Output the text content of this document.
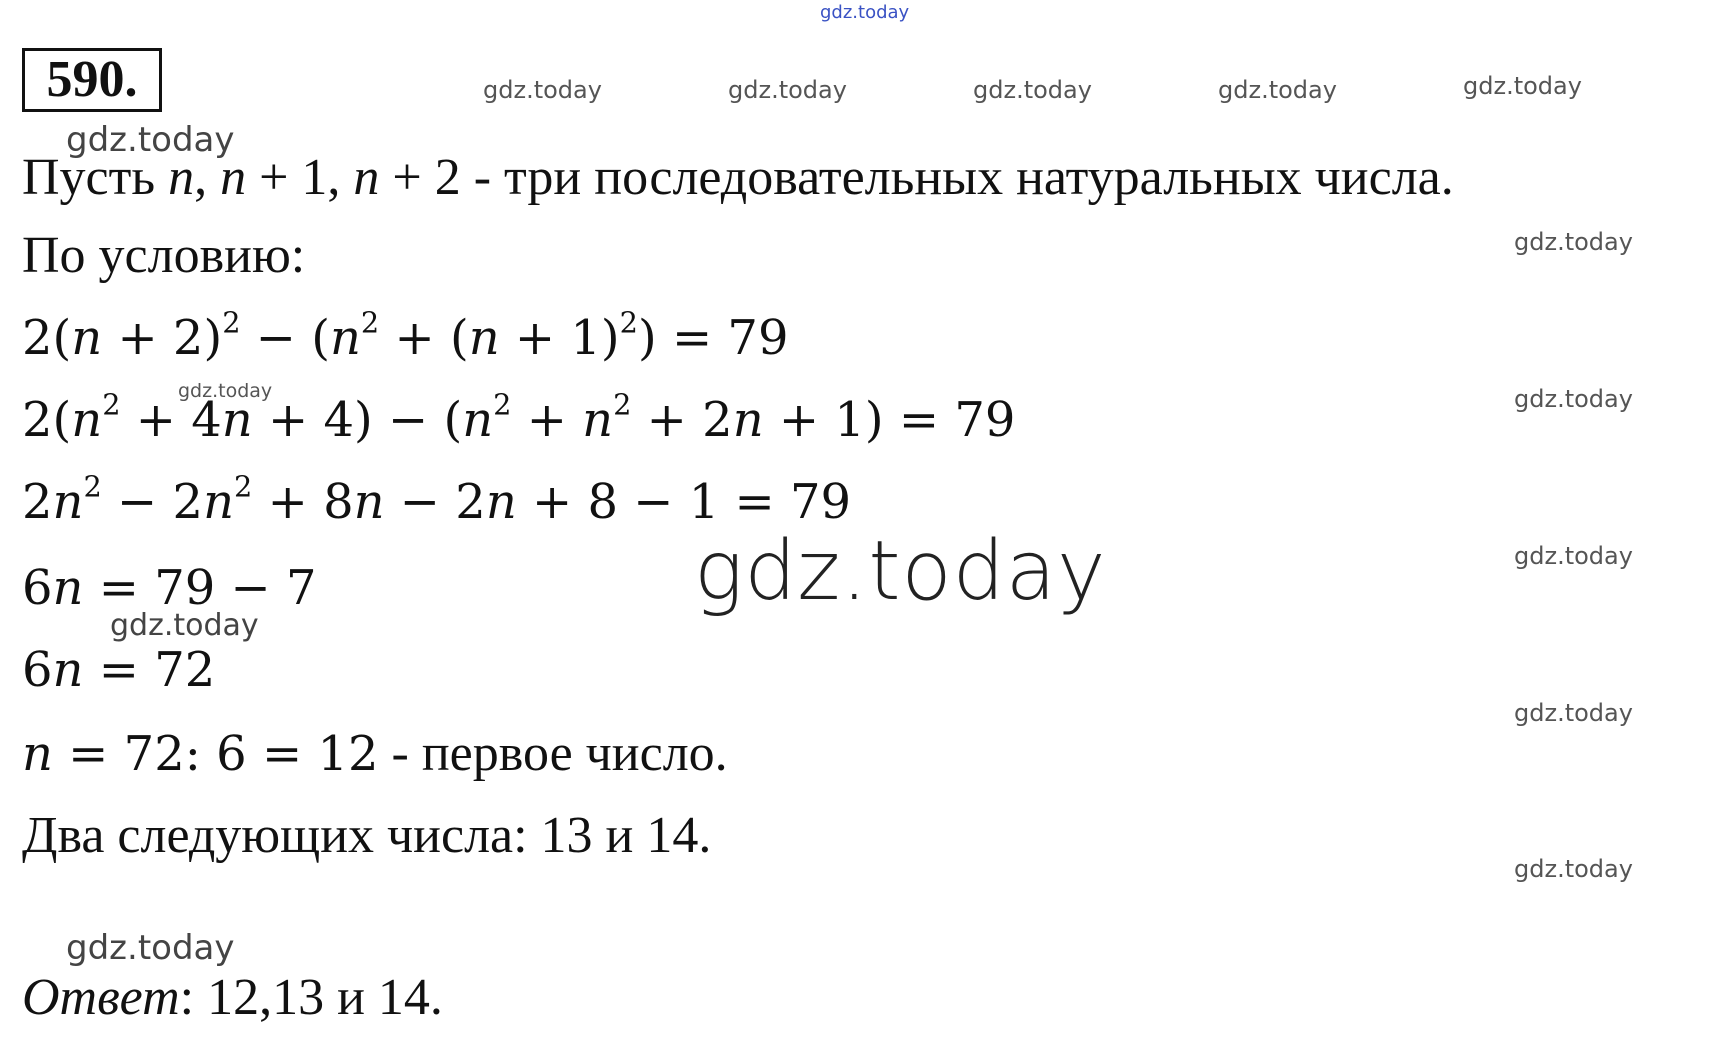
gdz.today
590.	gdz.today	gdz.today	gdz.today	gdz.today	gdz.today
gdz.today
Пусть n, n + 1, n + 2 - три последовательных натуральных числа.
gdz.today
По условию:
$2(n + 2)^2 - (n^2 + (n + 1)^2) = 79$
gdz.today	gdz.today
$2(n^2 + 4n + 4) - (n^2 + n^2 + 2n + 1) = 79$
$2n^2 - 2n^2 + 8n - 2n + 8 - 1 = 79$
gdz.today
gdz.today
6n = 79 − 7
gdz.today
6n = 72
gdz.today
n = 72: 6 = 12 - первое число.
Два следующих числа: 13 и 14.
gdz.today
gdz.today
Ответ: 12,13 и 14.
